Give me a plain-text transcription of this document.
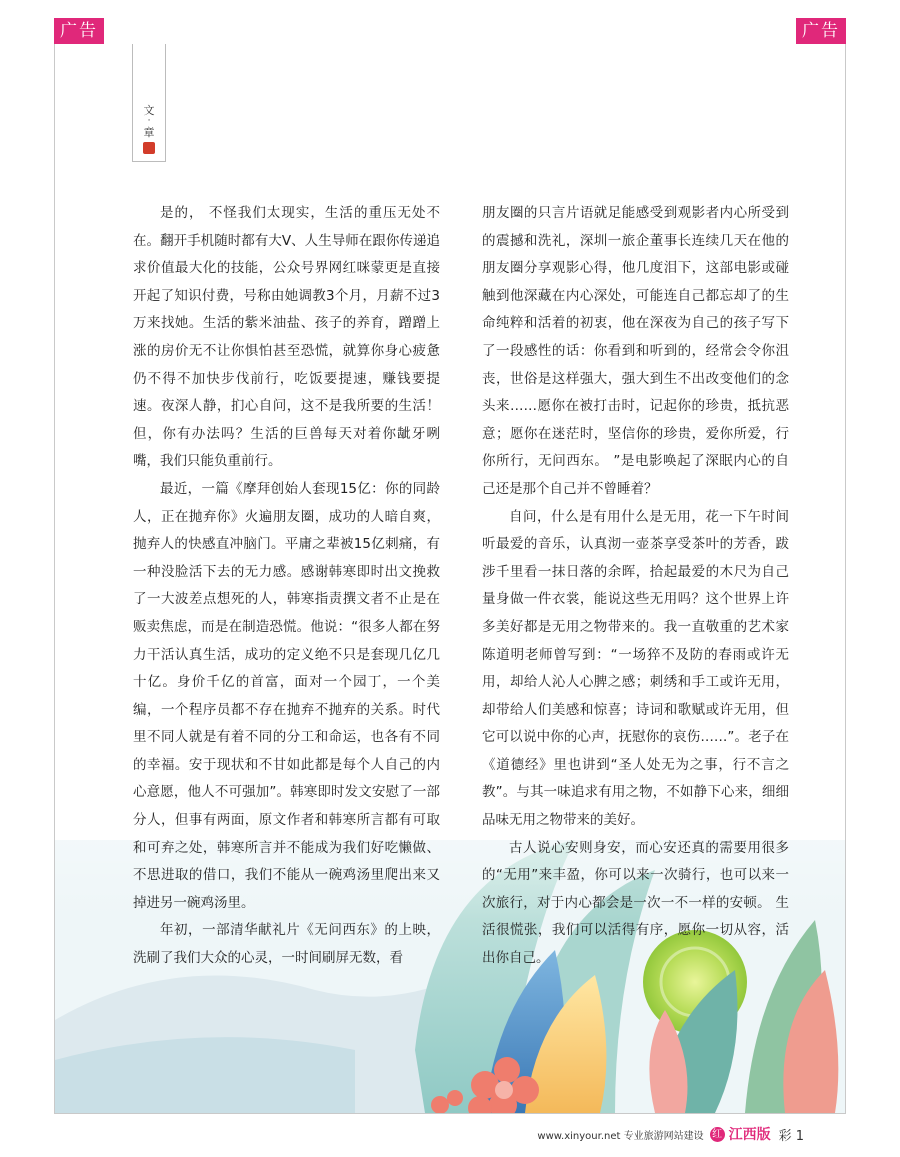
广告	广告
文
·
章

是的， 不怪我们太现实，生活的重压无处不在。翻开手机随时都有大V、人生导师在跟你传递追求价值最大化的技能，公众号界网红咪蒙更是直接开起了知识付费，号称由她调教3个月，月薪不过3万来找她。生活的紫米油盐、孩子的养育，蹭蹭上涨的房价无不让你惧怕甚至恐慌，就算你身心疲惫仍不得不加快步伐前行，吃饭要提速，赚钱要提速。夜深人静，扪心自问，这不是我所要的生活！但，你有办法吗？生活的巨兽每天对着你龇牙咧嘴，我们只能负重前行。

最近，一篇《摩拜创始人套现15亿：你的同龄人，正在抛弃你》火遍朋友圈，成功的人暗自爽，抛弃人的快感直冲脑门。平庸之辈被15亿刺痛，有一种没脸活下去的无力感。感谢韩寒即时出文挽救了一大波差点想死的人，韩寒指责撰文者不止是在贩卖焦虑，而是在制造恐慌。他说：“很多人都在努力干活认真生活，成功的定义绝不只是套现几亿几十亿。身价千亿的首富，面对一个园丁，一个美编，一个程序员都不存在抛弃不抛弃的关系。时代里不同人就是有着不同的分工和命运，也各有不同的幸福。安于现状和不甘如此都是每个人自己的内心意愿，他人不可强加”。韩寒即时发文安慰了一部分人，但事有两面，原文作者和韩寒所言都有可取和可弃之处，韩寒所言并不能成为我们好吃懒做、不思进取的借口，我们不能从一碗鸡汤里爬出来又掉进另一碗鸡汤里。

年初，一部清华献礼片《无问西东》的上映，洗刷了我们大众的心灵，一时间刷屏无数，看

朋友圈的只言片语就足能感受到观影者内心所受到的震撼和洗礼，深圳一旅企董事长连续几天在他的朋友圈分享观影心得，他几度泪下，这部电影或碰触到他深藏在内心深处，可能连自己都忘却了的生命纯粹和活着的初衷，他在深夜为自己的孩子写下了一段感性的话：你看到和听到的，经常会令你沮丧，世俗是这样强大，强大到生不出改变他们的念头来……愿你在被打击时，记起你的珍贵，抵抗恶意；愿你在迷茫时，坚信你的珍贵，爱你所爱，行你所行，无问西东。 ”是电影唤起了深眠内心的自己还是那个自己并不曾睡着？

自问，什么是有用什么是无用，花一下午时间听最爱的音乐，认真沏一壶茶享受茶叶的芳香，跋涉千里看一抹日落的余晖，拾起最爱的木尺为自己量身做一件衣裳，能说这些无用吗？这个世界上许多美好都是无用之物带来的。我一直敬重的艺术家陈道明老师曾写到：“一场猝不及防的春雨或许无用，却给人沁人心脾之感；刺绣和手工或许无用，却带给人们美感和惊喜；诗词和歌赋或许无用，但它可以说中你的心声，抚慰你的哀伤……”。老子在《道德经》里也讲到“圣人处无为之事，行不言之教”。与其一味追求有用之物，不如静下心来，细细品味无用之物带来的美好。

古人说心安则身安，而心安还真的需要用很多的“无用”来丰盈，你可以来一次骑行，也可以来一次旅行，对于内心都会是一次一不一样的安顿。 生活很慌张，我们可以活得有序，愿你一切从容，活出你自己。

www.xinyour.net 专业旅游网站建设 红 江西版 彩 1
